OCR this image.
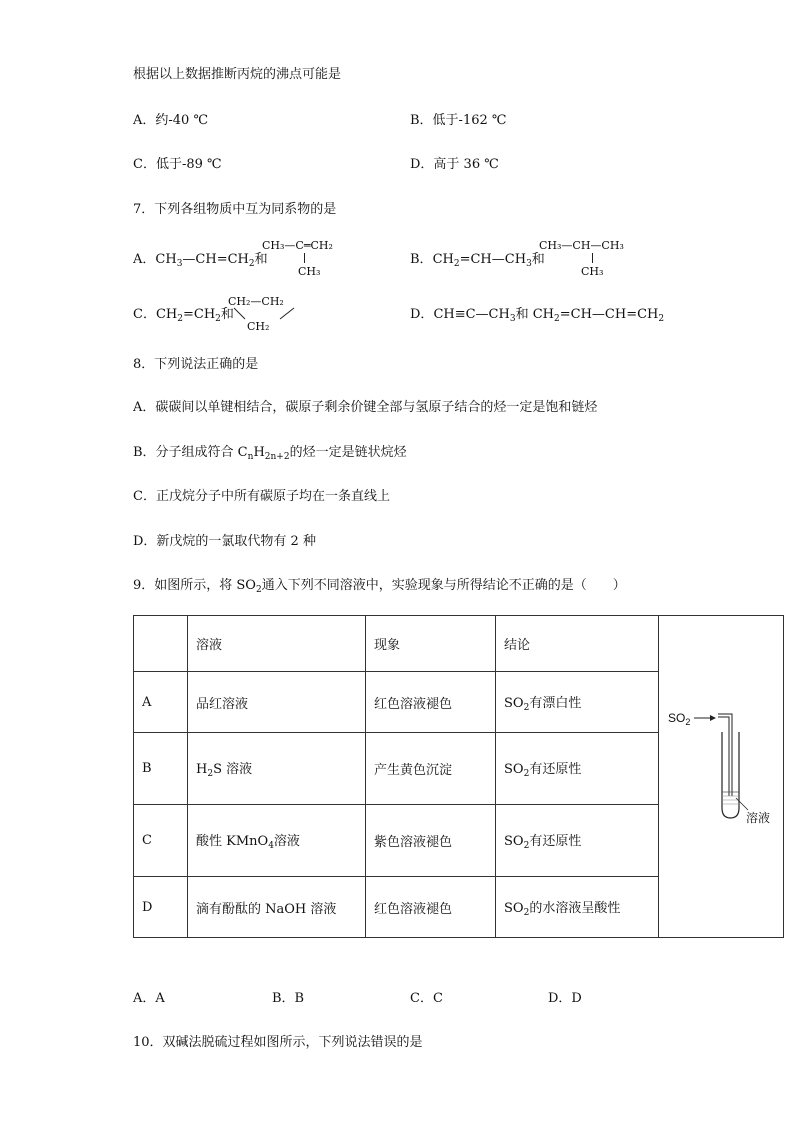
根据以上数据推断丙烷的沸点可能是
A．约-40 ℃	B．低于-162 ℃
C．低于-89 ℃	D．高于 36 ℃
7．下列各组物质中互为同系物的是
A．$CH_3—CH=CH_2$和
CH₃—C═CH₂
CH₃
B．$CH_2=CH—CH_3$和
CH₃—CH—CH₃
CH₃
C．$CH_2=CH_2$和
CH₂—CH₂
CH₂
D．$CH\equiv C—CH_3$和 $CH_2=CH—CH=CH_2$
8．下列说法正确的是
A．碳碳间以单键相结合，碳原子剩余价键全部与氢原子结合的烃一定是饱和链烃
B．分子组成符合 $C_nH_{2n+2}$的烃一定是链状烷烃
C．正戊烷分子中所有碳原子均在一条直线上
D．新戊烷的一氯取代物有 2 种
9．如图所示，将 $SO_2$通入下列不同溶液中，实验现象与所得结论不正确的是（　　）
	溶液	现象	结论	
A	品红溶液	红色溶液褪色	$SO_2$有漂白性	
B	$H_2S$ 溶液	产生黄色沉淀	$SO_2$有还原性	
C	酸性 KMnO$_4$溶液	紫色溶液褪色	$SO_2$有还原性	
D	滴有酚酞的 NaOH 溶液	红色溶液褪色	$SO_2$的水溶液呈酸性	
$SO_2$
溶液
A．A	B．B	C．C	D．D
10．双碱法脱硫过程如图所示，下列说法错误的是
